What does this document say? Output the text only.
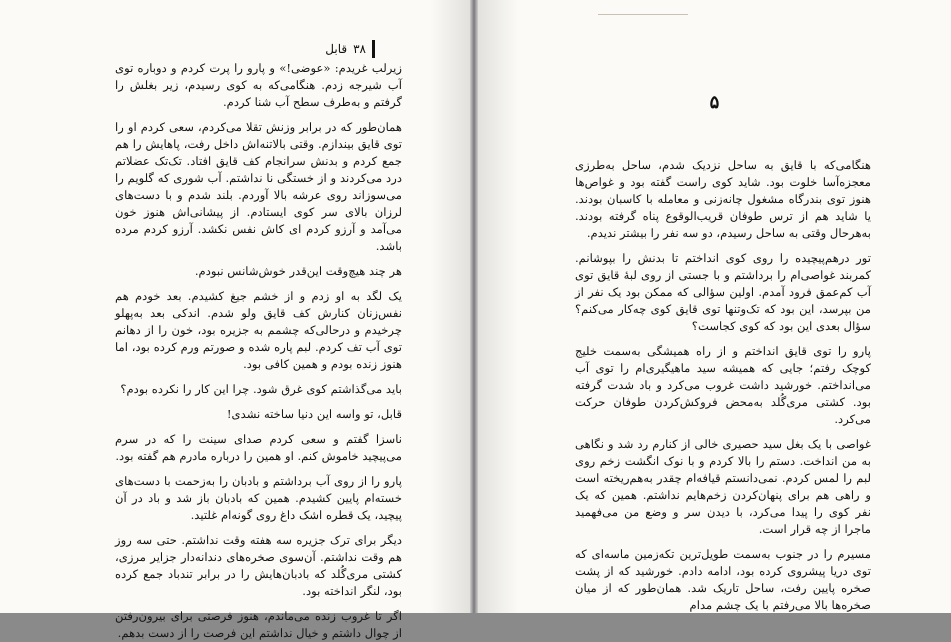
۳۸
قابل

زیرلب غریدم: «عوضی!» و پارو را پرت کردم و دوباره توی آب شیرجه زدم. هنگامی‌که به کوی رسیدم، زیر بغلش را گرفتم و به‌طرف سطح آب شنا کردم.

همان‌طور که در برابر وزنش تقلا می‌کردم، سعی کردم او را توی قایق بیندازم. وقتی بالاتنه‌اش داخل رفت، پاهایش را هم جمع کردم و بدنش سرانجام کف قایق افتاد. تک‌تک عضلاتم درد می‌کردند و از خستگی نا نداشتم. آب شوری که گلویم را می‌سوزاند روی عرشه بالا آوردم. بلند شدم و با دست‌های لرزان بالای سر کوی ایستادم. از پیشانی‌اش هنوز خون می‌آمد و آرزو کردم ای کاش نفس نکشد. آرزو کردم مرده باشد.

هر چند هیچ‌وقت این‌قدر خوش‌شانس نبودم.

یک لگد به او زدم و از خشم جیغ کشیدم. بعد خودم هم نفس‌زنان کنارش کف قایق ولو شدم. اندکی بعد به‌پهلو چرخیدم و درحالی‌که چشمم به جزیره بود، خون را از دهانم توی آب تف کردم. لبم پاره شده و صورتم ورم کرده بود، اما هنوز زنده بودم و همین کافی بود.

باید می‌گذاشتم کوی غرق شود. چرا این کار را نکرده بودم؟

قابل، تو واسه این دنیا ساخته نشدی!

ناسزا گفتم و سعی کردم صدای سینت را که در سرم می‌پیچید خاموش کنم. او همین را درباره مادرم هم گفته بود.

پارو را از روی آب برداشتم و بادبان را به‌زحمت با دست‌های خسته‌ام پایین کشیدم. همین که بادبان باز شد و باد در آن پیچید، یک قطره اشک داغ روی گونه‌ام غلتید.

دیگر برای ترک جزیره سه هفته وقت نداشتم. حتی سه روز هم وقت نداشتم. آن‌سوی صخره‌های دندانه‌دار جزایر مرزی، کشتی مری‌گُلد که بادبان‌هایش را در برابر تندباد جمع کرده بود، لنگر انداخته بود.

اگر تا غروب زنده می‌ماندم، هنوز فرصتی برای بیرون‌رفتن از چوال داشتم و خیال نداشتم این فرصت را از دست بدهم.

۵

هنگامی‌که با قایق به ساحل نزدیک شدم، ساحل به‌طرزی معجزه‌آسا خلوت بود. شاید کوی راست گفته بود و غواص‌ها هنوز توی بندرگاه مشغول چانه‌زنی و معامله با کاسبان بودند. یا شاید هم از ترس طوفان قریب‌الوقوع پناه گرفته بودند. به‌هرحال وقتی به ساحل رسیدم، دو سه نفر را بیشتر ندیدم.

تور درهم‌پیچیده را روی کوی انداختم تا بدنش را بپوشانم. کمربند غواصی‌ام را برداشتم و با جستی از روی لبهٔ قایق توی آب کم‌عمق فرود آمدم. اولین سؤالی که ممکن بود یک نفر از من بپرسد، این بود که تک‌وتنها توی قایق کوی چه‌کار می‌کنم؟ سؤال بعدی این بود که کوی کجاست؟

پارو را توی قایق انداختم و از راه همیشگی به‌سمت خلیج کوچک رفتم؛ جایی که همیشه سید ماهیگیری‌ام را توی آب می‌انداختم. خورشید داشت غروب می‌کرد و باد شدت گرفته بود. کشتی مری‌گُلد به‌محض فروکش‌کردن طوفان حرکت می‌کرد.

غواصی با یک بغل سید حصیری خالی از کنارم رد شد و نگاهی به من انداخت. دستم را بالا کردم و با نوک انگشت زخم روی لبم را لمس کردم. نمی‌دانستم قیافه‌ام چقدر به‌هم‌ریخته است و راهی هم برای پنهان‌کردن زخم‌هایم نداشتم. همین که یک نفر کوی را پیدا می‌کرد، با دیدن سر و وضع من می‌فهمید ماجرا از چه قرار است.

مسیرم را در جنوب به‌سمت طویل‌ترین تکه‌زمین ماسه‌ای که توی دریا پیشروی کرده بود، ادامه دادم. خورشید که از پشت صخره پایین رفت، ساحل تاریک شد. همان‌طور که از میان صخره‌ها بالا می‌رفتم با یک چشم مدام
